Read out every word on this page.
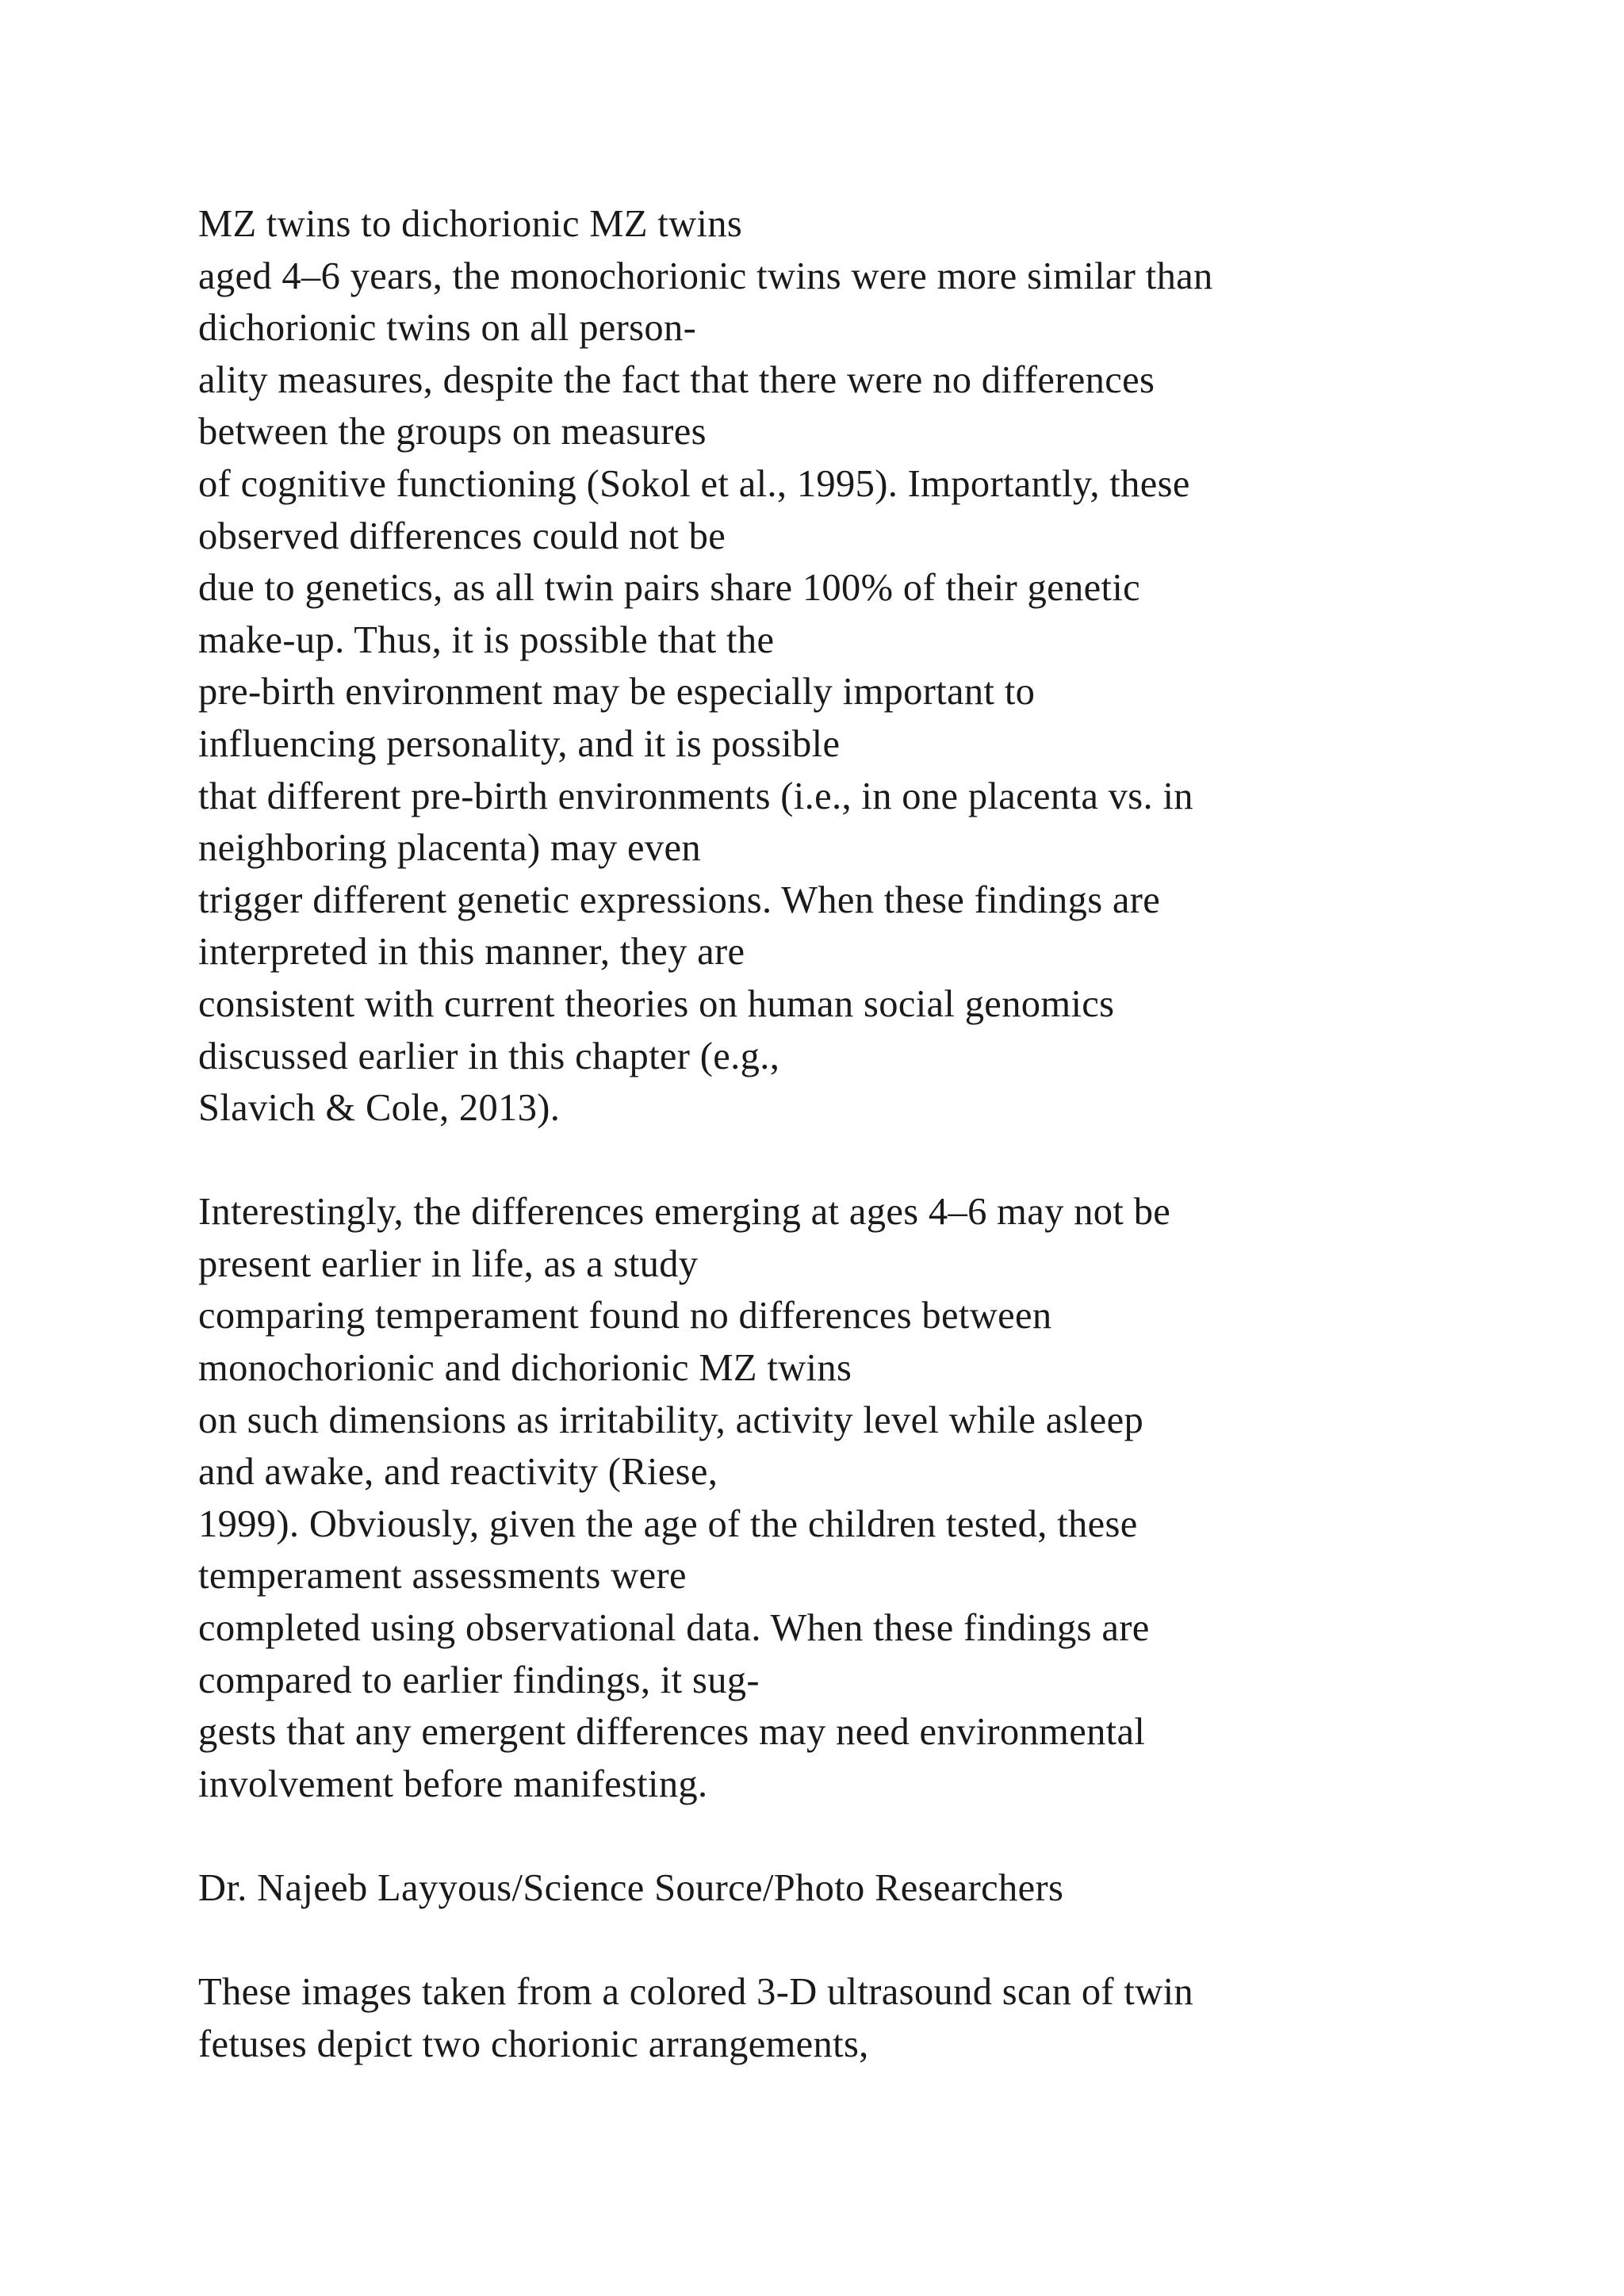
MZ twins to dichorionic MZ twins
aged 4–6 years, the monochorionic twins were more similar than
dichorionic twins on all person-
ality measures, despite the fact that there were no differences
between the groups on measures
of cognitive functioning (Sokol et al., 1995). Importantly, these
observed differences could not be
due to genetics, as all twin pairs share 100% of their genetic
make-up. Thus, it is possible that the
pre-birth environment may be especially important to
influencing personality, and it is possible
that different pre-birth environments (i.e., in one placenta vs. in
neighboring placenta) may even
trigger different genetic expressions. When these findings are
interpreted in this manner, they are
consistent with current theories on human social genomics
discussed earlier in this chapter (e.g.,
Slavich & Cole, 2013).
Interestingly, the differences emerging at ages 4–6 may not be
present earlier in life, as a study
comparing temperament found no differences between
monochorionic and dichorionic MZ twins
on such dimensions as irritability, activity level while asleep
and awake, and reactivity (Riese,
1999). Obviously, given the age of the children tested, these
temperament assessments were
completed using observational data. When these findings are
compared to earlier findings, it sug-
gests that any emergent differences may need environmental
involvement before manifesting.
Dr. Najeeb Layyous/Science Source/Photo Researchers
These images taken from a colored 3-D ultrasound scan of twin
fetuses depict two chorionic arrangements,
